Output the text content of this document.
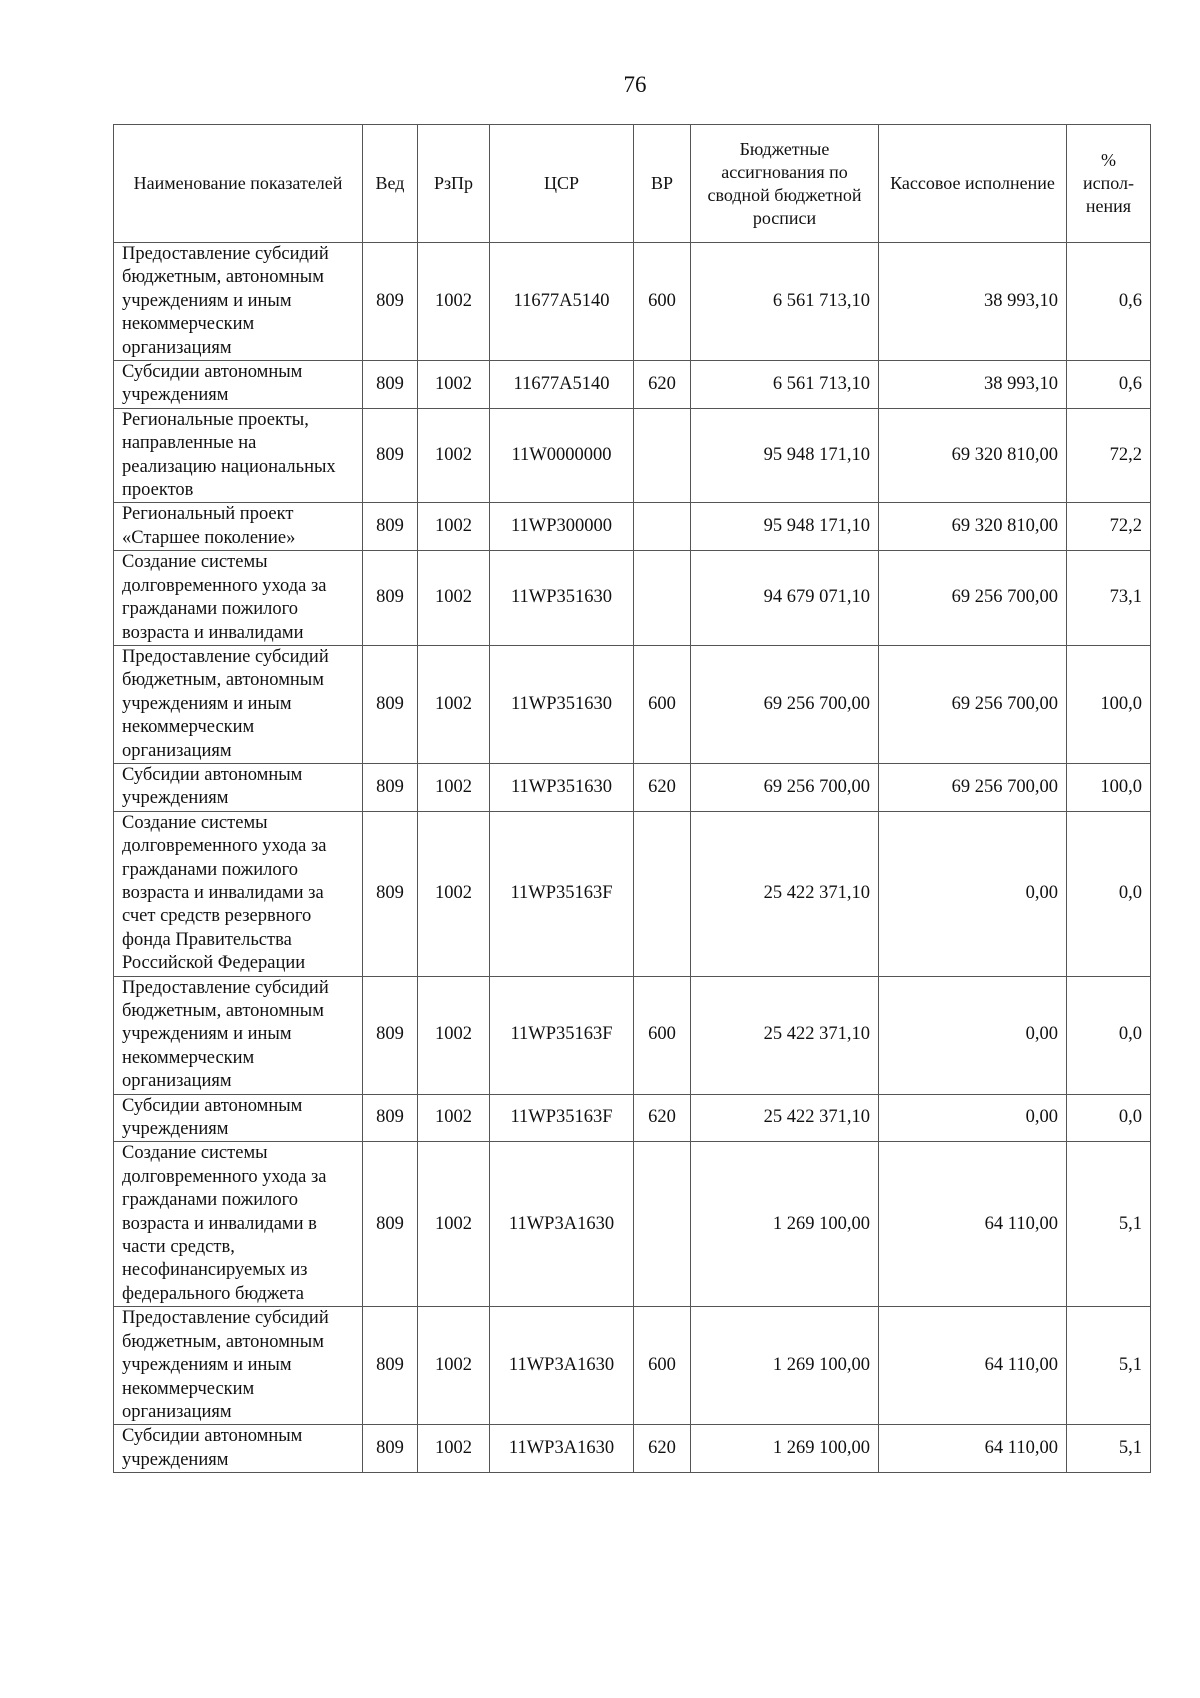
76
Наименование показателей	Вед	РзПр	ЦСР	ВР	Бюджетные ассигнования по сводной бюджетной росписи	Кассовое исполнение	% испол-нения
Предоставление субсидий бюджетным, автономным учреждениям и иным некоммерческим организациям	809	1002	11677А5140	600	6 561 713,10	38 993,10	0,6
Субсидии автономным учреждениям	809	1002	11677А5140	620	6 561 713,10	38 993,10	0,6
Региональные проекты, направленные на реализацию национальных проектов	809	1002	11W0000000		95 948 171,10	69 320 810,00	72,2
Региональный проект «Старшее поколение»	809	1002	11WP300000		95 948 171,10	69 320 810,00	72,2
Создание системы долговременного ухода за гражданами пожилого возраста и инвалидами	809	1002	11WP351630		94 679 071,10	69 256 700,00	73,1
Предоставление субсидий бюджетным, автономным учреждениям и иным некоммерческим организациям	809	1002	11WP351630	600	69 256 700,00	69 256 700,00	100,0
Субсидии автономным учреждениям	809	1002	11WP351630	620	69 256 700,00	69 256 700,00	100,0
Создание системы долговременного ухода за гражданами пожилого возраста и инвалидами за счет средств резервного фонда Правительства Российской Федерации	809	1002	11WP35163F		25 422 371,10	0,00	0,0
Предоставление субсидий бюджетным, автономным учреждениям и иным некоммерческим организациям	809	1002	11WP35163F	600	25 422 371,10	0,00	0,0
Субсидии автономным учреждениям	809	1002	11WP35163F	620	25 422 371,10	0,00	0,0
Создание системы долговременного ухода за гражданами пожилого возраста и инвалидами в части средств, несофинансируемых из федерального бюджета	809	1002	11WP3А1630		1 269 100,00	64 110,00	5,1
Предоставление субсидий бюджетным, автономным учреждениям и иным некоммерческим организациям	809	1002	11WP3А1630	600	1 269 100,00	64 110,00	5,1
Субсидии автономным учреждениям	809	1002	11WP3А1630	620	1 269 100,00	64 110,00	5,1
